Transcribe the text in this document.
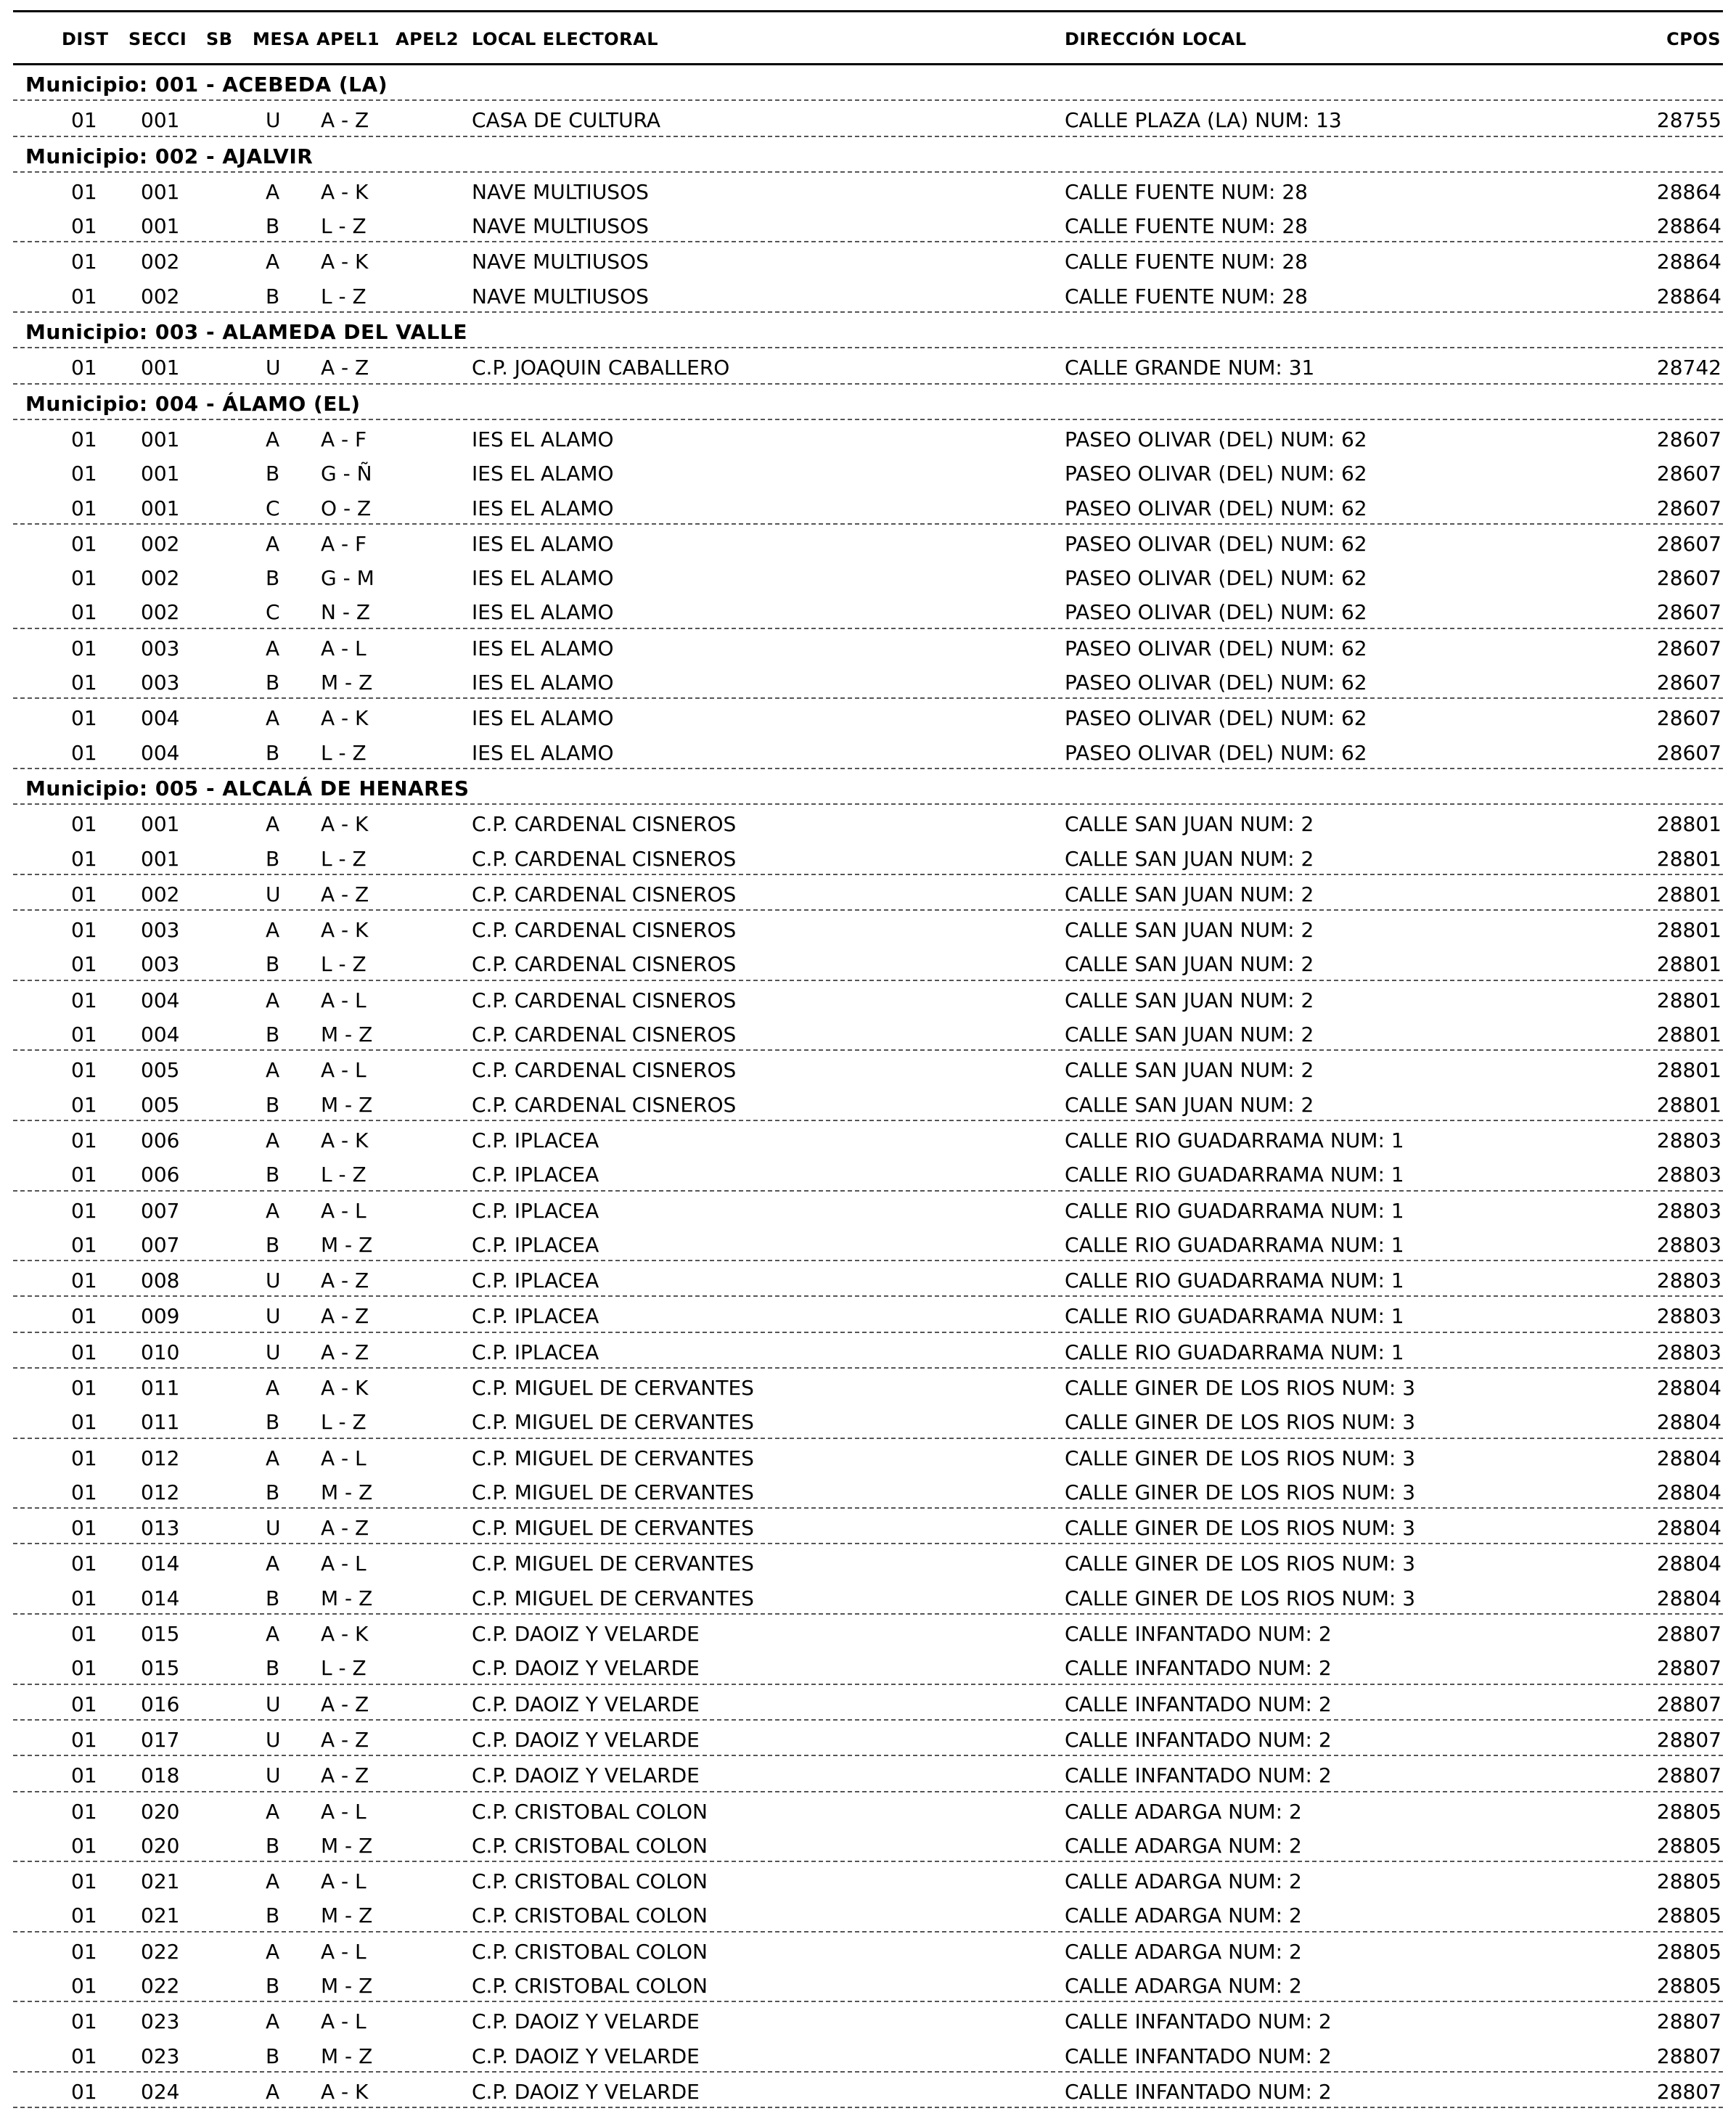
DIST SECCI SB MESA APEL1 APEL2 LOCAL ELECTORAL	DIRECCIÓN LOCAL	CPOS
Municipio: 001 - ACEBEDA (LA)
01 001	U A - Z	CASA DE CULTURA	CALLE PLAZA (LA) NUM: 13	28755
Municipio: 002 - AJALVIR
01 001	A A - K	NAVE MULTIUSOS	CALLE FUENTE NUM: 28	28864
01 001	B L - Z	NAVE MULTIUSOS	CALLE FUENTE NUM: 28	28864
01 002	A A - K	NAVE MULTIUSOS	CALLE FUENTE NUM: 28	28864
01 002	B L - Z	NAVE MULTIUSOS	CALLE FUENTE NUM: 28	28864
Municipio: 003 - ALAMEDA DEL VALLE
01 001	U A - Z	C.P. JOAQUIN CABALLERO	CALLE GRANDE NUM: 31	28742
Municipio: 004 - ÁLAMO (EL)
01 001	A A - F	IES EL ALAMO	PASEO OLIVAR (DEL) NUM: 62	28607
01 001	B G - Ñ	IES EL ALAMO	PASEO OLIVAR (DEL) NUM: 62	28607
01 001	C O - Z	IES EL ALAMO	PASEO OLIVAR (DEL) NUM: 62	28607
01 002	A A - F	IES EL ALAMO	PASEO OLIVAR (DEL) NUM: 62	28607
01 002	B G - M	IES EL ALAMO	PASEO OLIVAR (DEL) NUM: 62	28607
01 002	C N - Z	IES EL ALAMO	PASEO OLIVAR (DEL) NUM: 62	28607
01 003	A A - L	IES EL ALAMO	PASEO OLIVAR (DEL) NUM: 62	28607
01 003	B M - Z	IES EL ALAMO	PASEO OLIVAR (DEL) NUM: 62	28607
01 004	A A - K	IES EL ALAMO	PASEO OLIVAR (DEL) NUM: 62	28607
01 004	B L - Z	IES EL ALAMO	PASEO OLIVAR (DEL) NUM: 62	28607
Municipio: 005 - ALCALÁ DE HENARES
01 001	A A - K	C.P. CARDENAL CISNEROS	CALLE SAN JUAN NUM: 2	28801
01 001	B L - Z	C.P. CARDENAL CISNEROS	CALLE SAN JUAN NUM: 2	28801
01 002	U A - Z	C.P. CARDENAL CISNEROS	CALLE SAN JUAN NUM: 2	28801
01 003	A A - K	C.P. CARDENAL CISNEROS	CALLE SAN JUAN NUM: 2	28801
01 003	B L - Z	C.P. CARDENAL CISNEROS	CALLE SAN JUAN NUM: 2	28801
01 004	A A - L	C.P. CARDENAL CISNEROS	CALLE SAN JUAN NUM: 2	28801
01 004	B M - Z	C.P. CARDENAL CISNEROS	CALLE SAN JUAN NUM: 2	28801
01 005	A A - L	C.P. CARDENAL CISNEROS	CALLE SAN JUAN NUM: 2	28801
01 005	B M - Z	C.P. CARDENAL CISNEROS	CALLE SAN JUAN NUM: 2	28801
01 006	A A - K	C.P. IPLACEA	CALLE RIO GUADARRAMA NUM: 1	28803
01 006	B L - Z	C.P. IPLACEA	CALLE RIO GUADARRAMA NUM: 1	28803
01 007	A A - L	C.P. IPLACEA	CALLE RIO GUADARRAMA NUM: 1	28803
01 007	B M - Z	C.P. IPLACEA	CALLE RIO GUADARRAMA NUM: 1	28803
01 008	U A - Z	C.P. IPLACEA	CALLE RIO GUADARRAMA NUM: 1	28803
01 009	U A - Z	C.P. IPLACEA	CALLE RIO GUADARRAMA NUM: 1	28803
01 010	U A - Z	C.P. IPLACEA	CALLE RIO GUADARRAMA NUM: 1	28803
01 011	A A - K	C.P. MIGUEL DE CERVANTES	CALLE GINER DE LOS RIOS NUM: 3	28804
01 011	B L - Z	C.P. MIGUEL DE CERVANTES	CALLE GINER DE LOS RIOS NUM: 3	28804
01 012	A A - L	C.P. MIGUEL DE CERVANTES	CALLE GINER DE LOS RIOS NUM: 3	28804
01 012	B M - Z	C.P. MIGUEL DE CERVANTES	CALLE GINER DE LOS RIOS NUM: 3	28804
01 013	U A - Z	C.P. MIGUEL DE CERVANTES	CALLE GINER DE LOS RIOS NUM: 3	28804
01 014	A A - L	C.P. MIGUEL DE CERVANTES	CALLE GINER DE LOS RIOS NUM: 3	28804
01 014	B M - Z	C.P. MIGUEL DE CERVANTES	CALLE GINER DE LOS RIOS NUM: 3	28804
01 015	A A - K	C.P. DAOIZ Y VELARDE	CALLE INFANTADO NUM: 2	28807
01 015	B L - Z	C.P. DAOIZ Y VELARDE	CALLE INFANTADO NUM: 2	28807
01 016	U A - Z	C.P. DAOIZ Y VELARDE	CALLE INFANTADO NUM: 2	28807
01 017	U A - Z	C.P. DAOIZ Y VELARDE	CALLE INFANTADO NUM: 2	28807
01 018	U A - Z	C.P. DAOIZ Y VELARDE	CALLE INFANTADO NUM: 2	28807
01 020	A A - L	C.P. CRISTOBAL COLON	CALLE ADARGA NUM: 2	28805
01 020	B M - Z	C.P. CRISTOBAL COLON	CALLE ADARGA NUM: 2	28805
01 021	A A - L	C.P. CRISTOBAL COLON	CALLE ADARGA NUM: 2	28805
01 021	B M - Z	C.P. CRISTOBAL COLON	CALLE ADARGA NUM: 2	28805
01 022	A A - L	C.P. CRISTOBAL COLON	CALLE ADARGA NUM: 2	28805
01 022	B M - Z	C.P. CRISTOBAL COLON	CALLE ADARGA NUM: 2	28805
01 023	A A - L	C.P. DAOIZ Y VELARDE	CALLE INFANTADO NUM: 2	28807
01 023	B M - Z	C.P. DAOIZ Y VELARDE	CALLE INFANTADO NUM: 2	28807
01 024	A A - K	C.P. DAOIZ Y VELARDE	CALLE INFANTADO NUM: 2	28807
